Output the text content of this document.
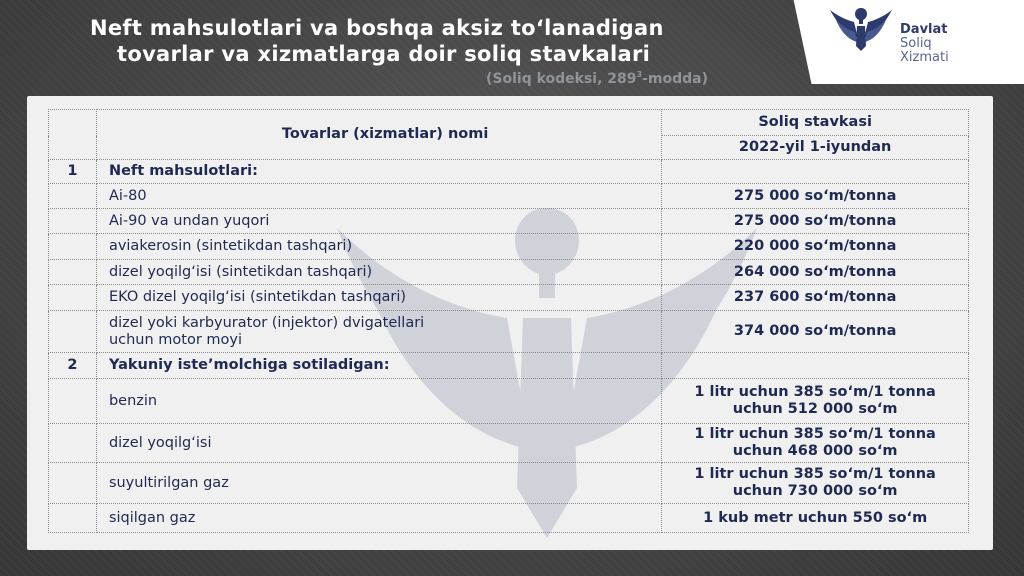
Neft mahsulotlari va boshqa aksiz to‘lanadigan
tovarlar va xizmatlarga doir soliq stavkalari
(Soliq kodeksi, $289^3-modda$)
Davlat
Soliq
Xizmati
	Tovarlar (xizmatlar) nomi	Soliq stavkasi
		2022-yil 1-iyundan
1	Neft mahsulotlari:	
	Ai-80	275 000 so‘m/tonna
	Ai-90 va undan yuqori	275 000 so‘m/tonna
	aviakerosin (sintetikdan tashqari)	220 000 so‘m/tonna
	dizel yoqilg‘isi (sintetikdan tashqari)	264 000 so‘m/tonna
	EKO dizel yoqilg‘isi (sintetikdan tashqari)	237 600 so‘m/tonna

	dizel yoki karbyurator (injektor) dvigatellari
uchun motor moyi	374 000 so‘m/tonna
2	Yakuniy iste’molchiga sotiladigan:	
	benzin	1 litr uchun 385 so‘m/1 tonna
uchun 512 000 so‘m

	dizel yoqilg‘isi	1 litr uchun 385 so‘m/1 tonna
uchun 468 000 so‘m

	suyultirilgan gaz	1 litr uchun 385 so‘m/1 tonna
uchun 730 000 so‘m

	siqilgan gaz	1 kub metr uchun 550 so‘m
